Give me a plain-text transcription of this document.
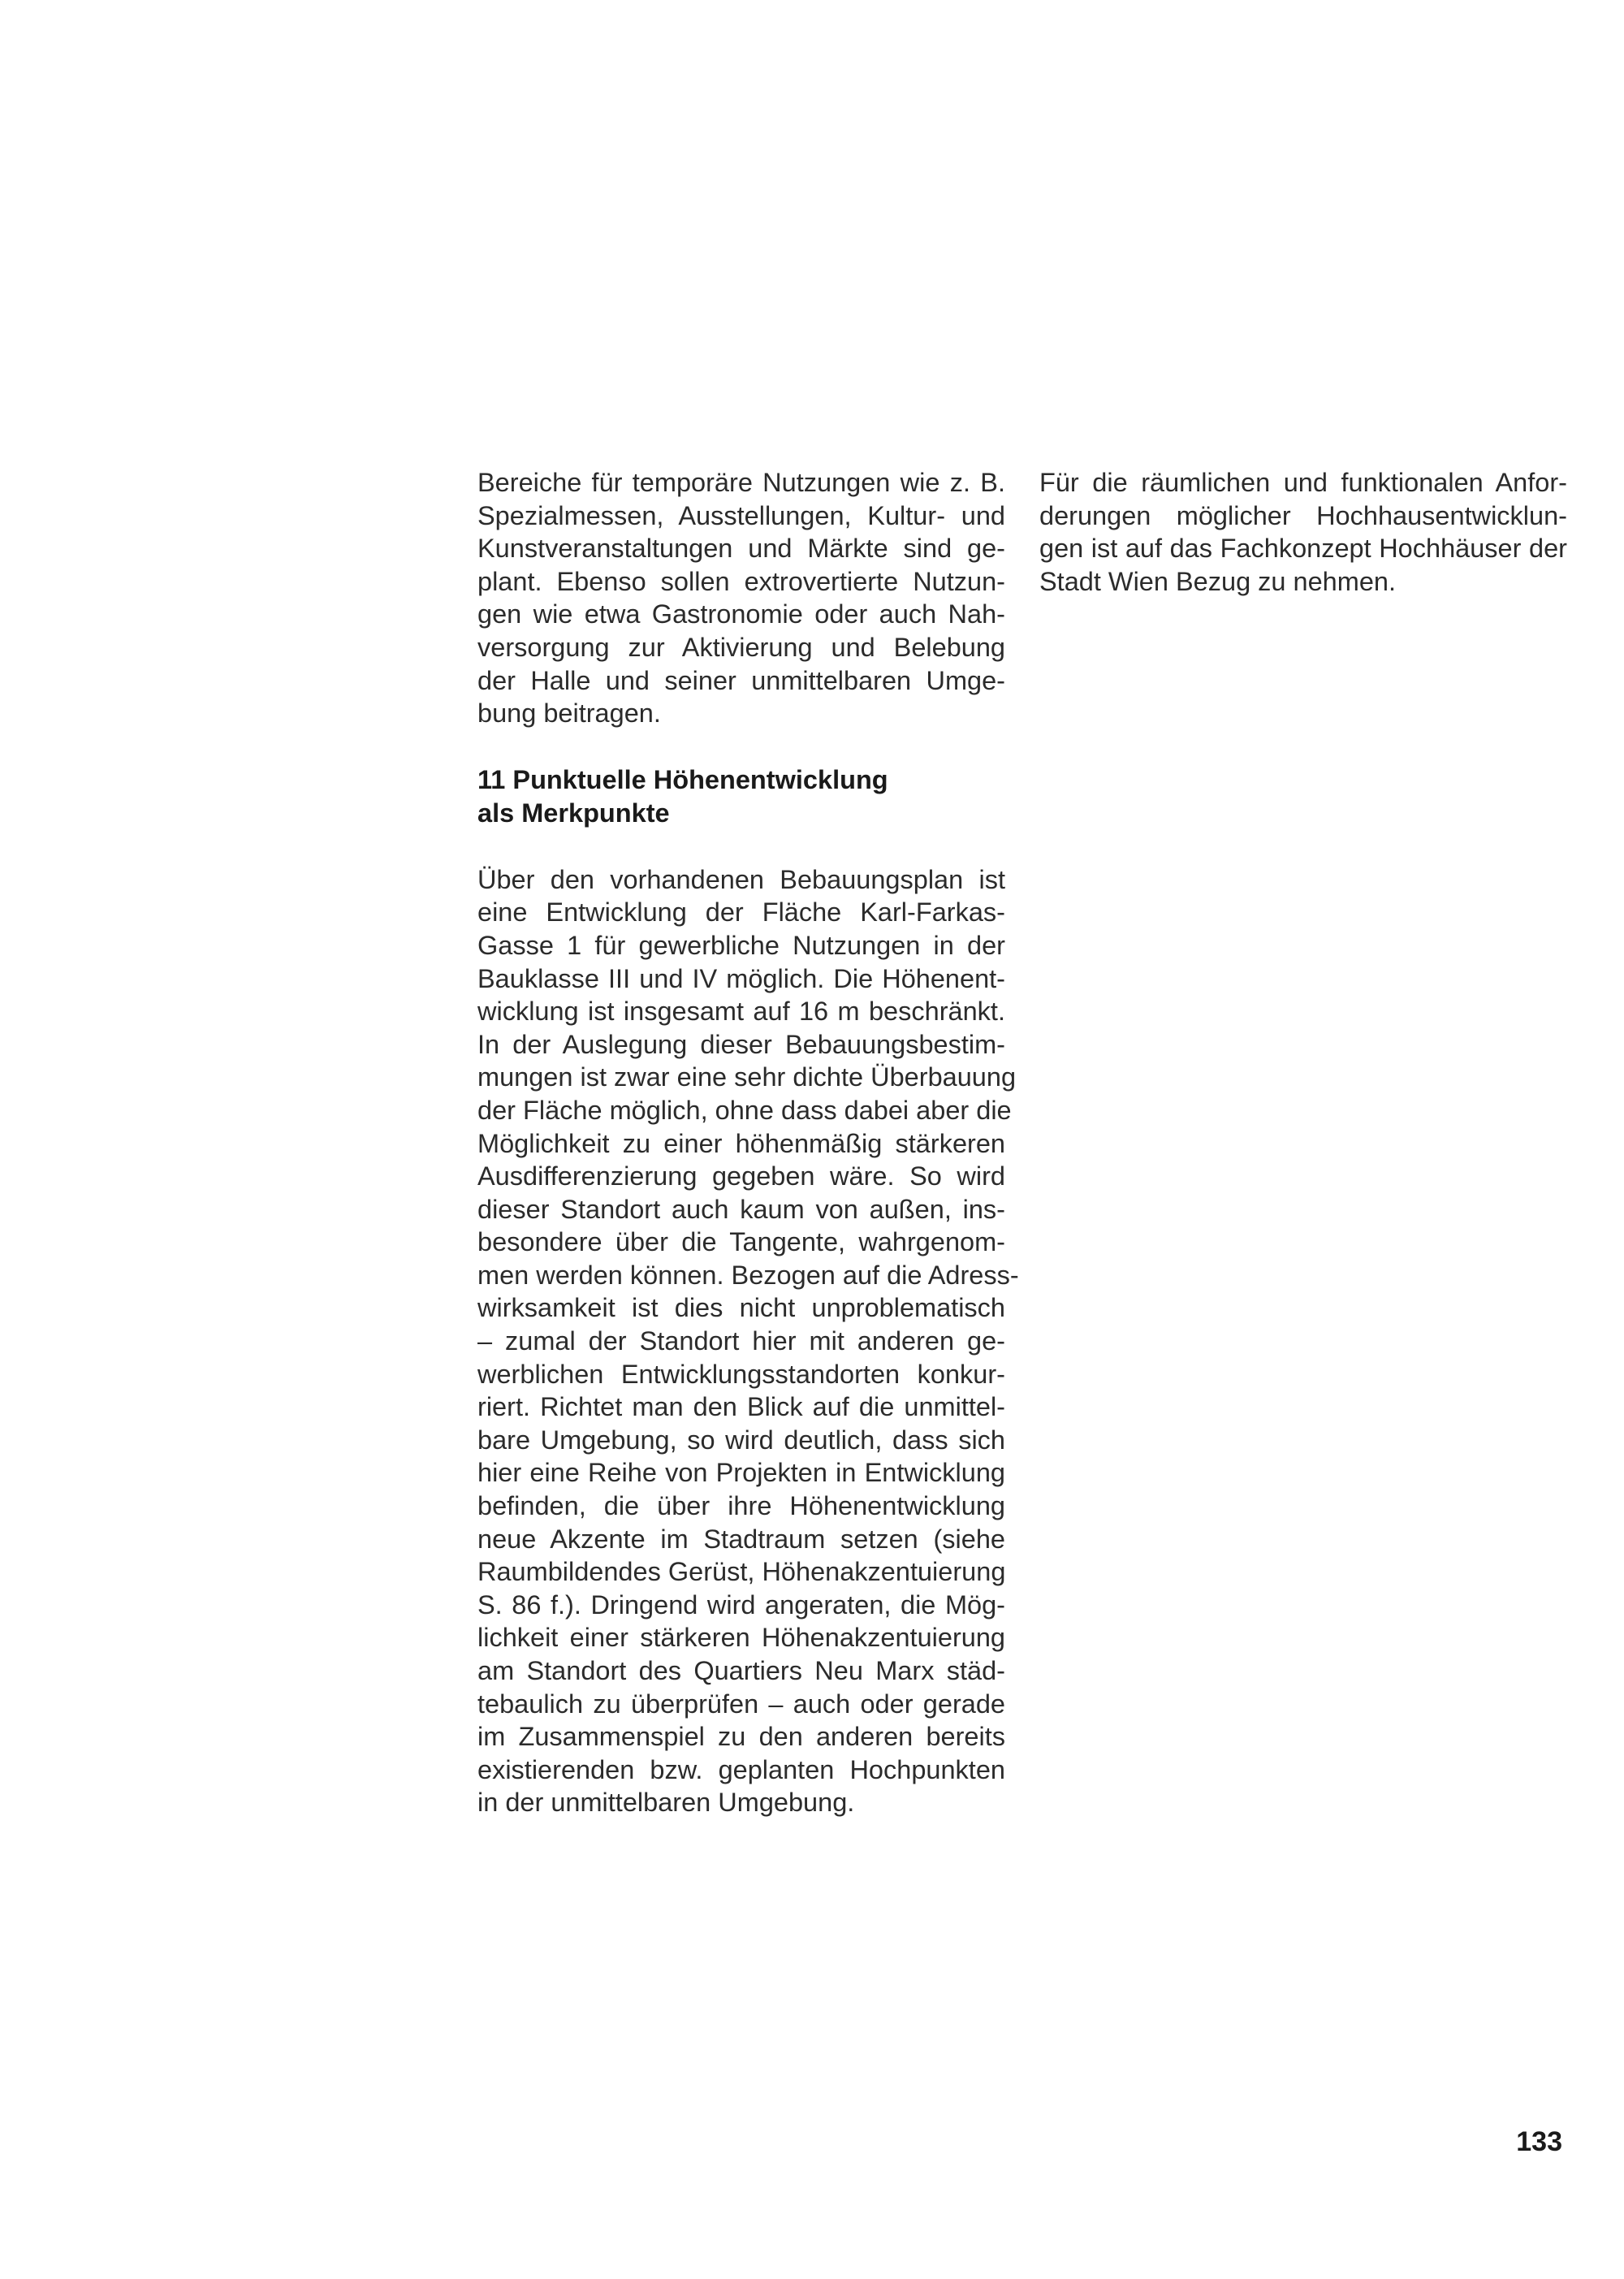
Bereiche für temporäre Nutzungen wie z. B.
Spezialmessen, Ausstellungen, Kultur- und
Kunstveranstaltungen und Märkte sind ge-
plant. Ebenso sollen extrovertierte Nutzun-
gen wie etwa Gastronomie oder auch Nah-
versorgung zur Aktivierung und Belebung
der Halle und seiner unmittelbaren Umge-
bung beitragen.
11 Punktuelle Höhenentwicklung
als Merkpunkte
Über den vorhandenen Bebauungsplan ist
eine Entwicklung der Fläche Karl-Farkas-
Gasse 1 für gewerbliche Nutzungen in der
Bauklasse III und IV möglich. Die Höhenent-
wicklung ist insgesamt auf 16 m beschränkt.
In der Auslegung dieser Bebauungsbestim-
mungen ist zwar eine sehr dichte Überbauung
der Fläche möglich, ohne dass dabei aber die
Möglichkeit zu einer höhenmäßig stärkeren
Ausdifferenzierung gegeben wäre. So wird
dieser Standort auch kaum von außen, ins-
besondere über die Tangente, wahrgenom-
men werden können. Bezogen auf die Adress-
wirksamkeit ist dies nicht unproblematisch
– zumal der Standort hier mit anderen ge-
werblichen Entwicklungsstandorten konkur-
riert. Richtet man den Blick auf die unmittel-
bare Umgebung, so wird deutlich, dass sich
hier eine Reihe von Projekten in Entwicklung
befinden, die über ihre Höhenentwicklung
neue Akzente im Stadtraum setzen (siehe
Raumbildendes Gerüst, Höhenakzentuierung
S. 86 f.). Dringend wird angeraten, die Mög-
lichkeit einer stärkeren Höhenakzentuierung
am Standort des Quartiers Neu Marx städ-
tebaulich zu überprüfen – auch oder gerade
im Zusammenspiel zu den anderen bereits
existierenden bzw. geplanten Hochpunkten
in der unmittelbaren Umgebung.
Für die räumlichen und funktionalen Anfor-
derungen möglicher Hochhausentwicklun-
gen ist auf das Fachkonzept Hochhäuser der
Stadt Wien Bezug zu nehmen.
133
